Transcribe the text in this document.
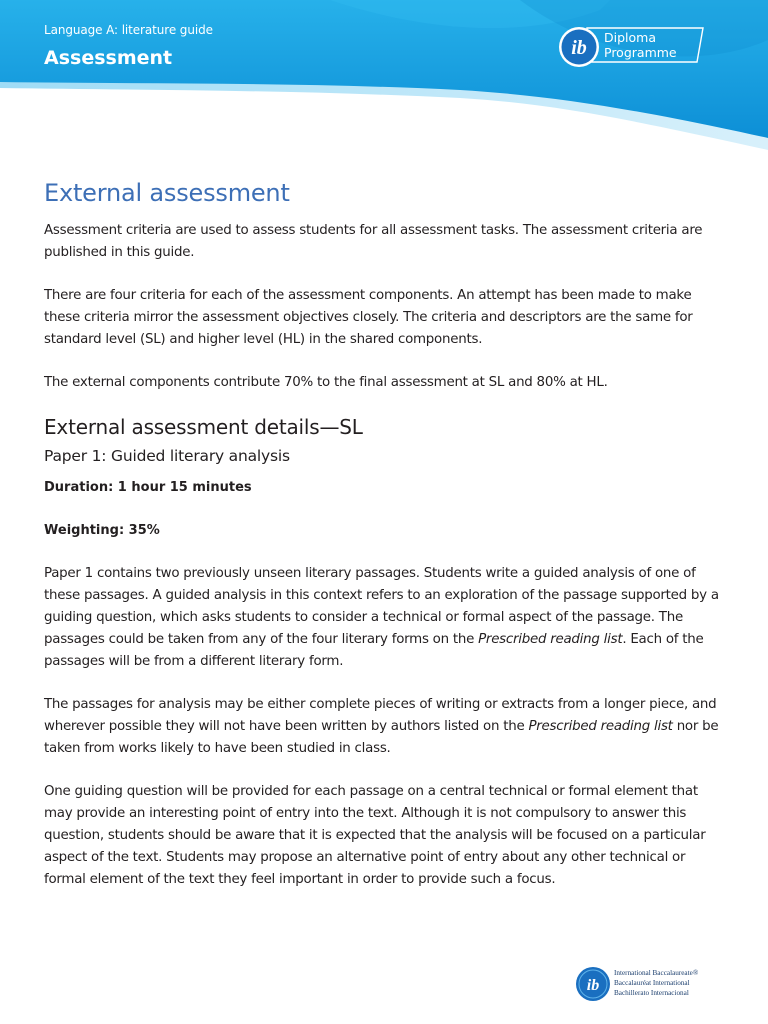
Language A: literature guide
Assessment	ib Diploma
Programme
External assessment

Assessment criteria are used to assess students for all assessment tasks. The assessment criteria are published in this guide.

There are four criteria for each of the assessment components. An attempt has been made to make these criteria mirror the assessment objectives closely. The criteria and descriptors are the same for standard level (SL) and higher level (HL) in the shared components.

The external components contribute 70% to the final assessment at SL and 80% at HL.

External assessment details—SL
Paper 1: Guided literary analysis

Duration: 1 hour 15 minutes

Weighting: 35%

Paper 1 contains two previously unseen literary passages. Students write a guided analysis of one of these passages. A guided analysis in this context refers to an exploration of the passage supported by a guiding question, which asks students to consider a technical or formal aspect of the passage. The passages could be taken from any of the four literary forms on the Prescribed reading list. Each of the passages will be from a different literary form.

The passages for analysis may be either complete pieces of writing or extracts from a longer piece, and wherever possible they will not have been written by authors listed on the Prescribed reading list nor be taken from works likely to have been studied in class.

One guiding question will be provided for each passage on a central technical or formal element that may provide an interesting point of entry into the text. Although it is not compulsory to answer this question, students should be aware that it is expected that the analysis will be focused on a particular aspect of the text. Students may propose an alternative point of entry about any other technical or formal element of the text they feel important in order to provide such a focus.

ib
International Baccalaureate®
Baccalauréat International
Bachillerato Internacional
